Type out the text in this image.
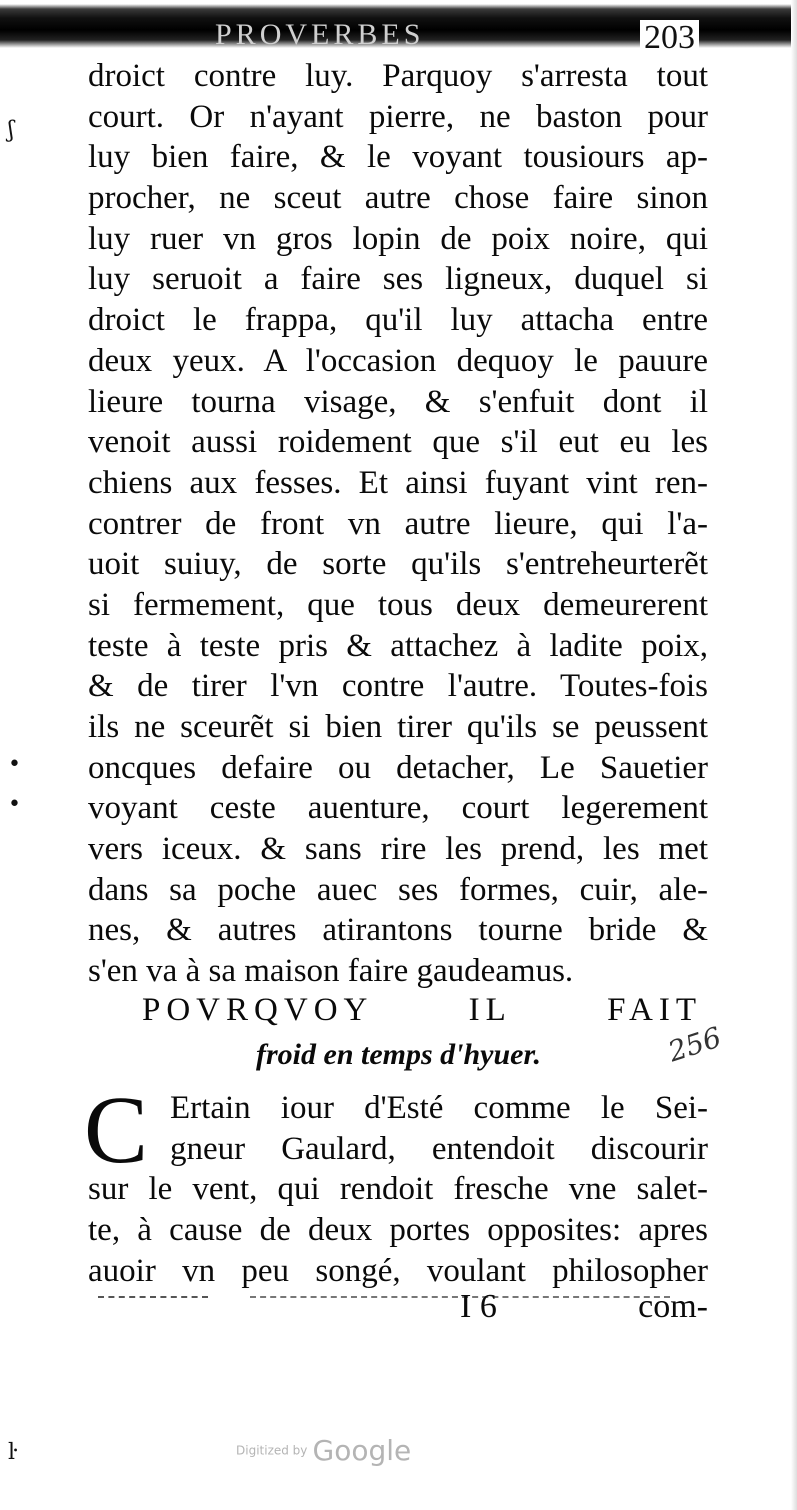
PROVERBES	203
ʃ
•
•
ŀ
droict contre luy. Parquoy s'arresta tout
court. Or n'ayant pierre, ne baston pour
luy bien faire, & le voyant tousiours ap-
procher, ne sceut autre chose faire sinon
luy ruer vn gros lopin de poix noire, qui
luy seruoit a faire ses ligneux, duquel si
droict le frappa, qu'il luy attacha entre
deux yeux. A l'occasion dequoy le pauure
lieure tourna visage, & s'enfuit dont il
venoit aussi roidement que s'il eut eu les
chiens aux fesses. Et ainsi fuyant vint ren-
contrer de front vn autre lieure, qui l'a-
uoit suiuy, de sorte qu'ils s'entreheurterẽt
si fermement, que tous deux demeurerent
teste à teste pris & attachez à ladite poix,
& de tirer l'vn contre l'autre. Toutes-fois
ils ne sceurẽt si bien tirer qu'ils se peussent
oncques defaire ou detacher, Le Sauetier
voyant ceste auenture, court legerement
vers iceux. & sans rire les prend, les met
dans sa poche auec ses formes, cuir, ale-
nes, & autres atirantons tourne bride &
s'en va à sa maison faire gaudeamus.
POVRQVOY IL FAIT
froid en temps d'hyuer.	256
C Ertain iour d'Esté comme le Sei-
gneur Gaulard, entendoit discourir
sur le vent, qui rendoit fresche vne salet-
te, à cause de deux portes opposites: apres
auoir vn peu songé, voulant philosopher
I 6	com-
Digitized by Google
